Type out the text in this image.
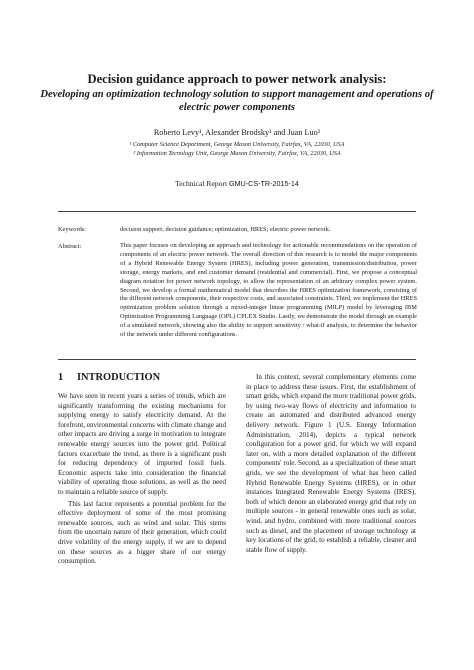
Decision guidance approach to power network analysis:
Developing an optimization technology solution to support management and operations of electric power components
Roberto Levy¹, Alexander Brodsky¹ and Juan Luo²
¹ Computer Science Department, George Mason University, Fairfax, VA, 22030, USA
² Information Tecnology Unit, George Mason University, Fairfax, VA, 22030, USA
Technical Report GMU-CS-TR-2015-14
Keywords:	decision support; decision guidance; optimization, HRES; electric power network.
Abstract:	This paper focuses on developing an approach and technology for actionable recommendations on the operation of components of an electric power network. The overall direction of this research is to model the major components of a Hybrid Renewable Energy System (HRES), including power generation, transmission/distribution, power storage, energy markets, and end customer demand (residential and commercial). First, we propose a conceptual diagram notation for power network topology, to allow the representation of an arbitrary complex power system. Second, we develop a formal mathematical model that describes the HRES optimization framework, consisting of the different network components, their respective costs, and associated constraints. Third, we implement the HRES optimization problem solution through a mixed-integer linear programming (MILP) model by leveraging IBM Optimization Programming Language (OPL) CPLEX Studio. Lastly, we demonstrate the model through an example of a simulated network, showing also the ability to support sensitivity / what-if analysis, to determine the behavior of the network under different configurations.
1 INTRODUCTION

We have seen in recent years a series of trends, which are significantly transforming the existing mechanisms for supplying energy to satisfy electricity demand. At the forefront, environmental concerns with climate change and other impacts are driving a surge in motivation to integrate renewable energy sources into the power grid. Political factors exacerbate the trend, as there is a significant push for reducing dependency of imported fossil fuels. Economic aspects take into consideration the financial viability of operating those solutions, as well as the need to maintain a reliable source of supply.

This last factor represents a potential problem for the effective deployment of some of the most promising renewable sources, such as wind and solar. This stems from the uncertain nature of their generation, which could drive volatility of the energy supply, if we are to depend on these sources as a bigger share of our energy consumption.

In this context, several complementary elements come in place to address these issues. First, the establishment of smart grids, which expand the more traditional power grids, by using two-way flows of electricity and information to create an automated and distributed advanced energy delivery network. Figure 1 (U.S. Energy Information Administration, 2014), depicts a typical network configuration for a power grid, for which we will expand later on, with a more detailed explanation of the different components' role. Second, as a specialization of these smart grids, we see the development of what has been called Hybrid Renewable Energy Systems (HRES), or in other instances Integrated Renewable Energy Systems (IRES), both of which denote an elaborated energy grid that rely on multiple sources - in general renewable ones such as solar, wind, and hydro, combined with more traditional sources such as diesel, and the placement of storage technology at key locations of the grid, to establish a reliable, cleaner and stable flow of supply.
